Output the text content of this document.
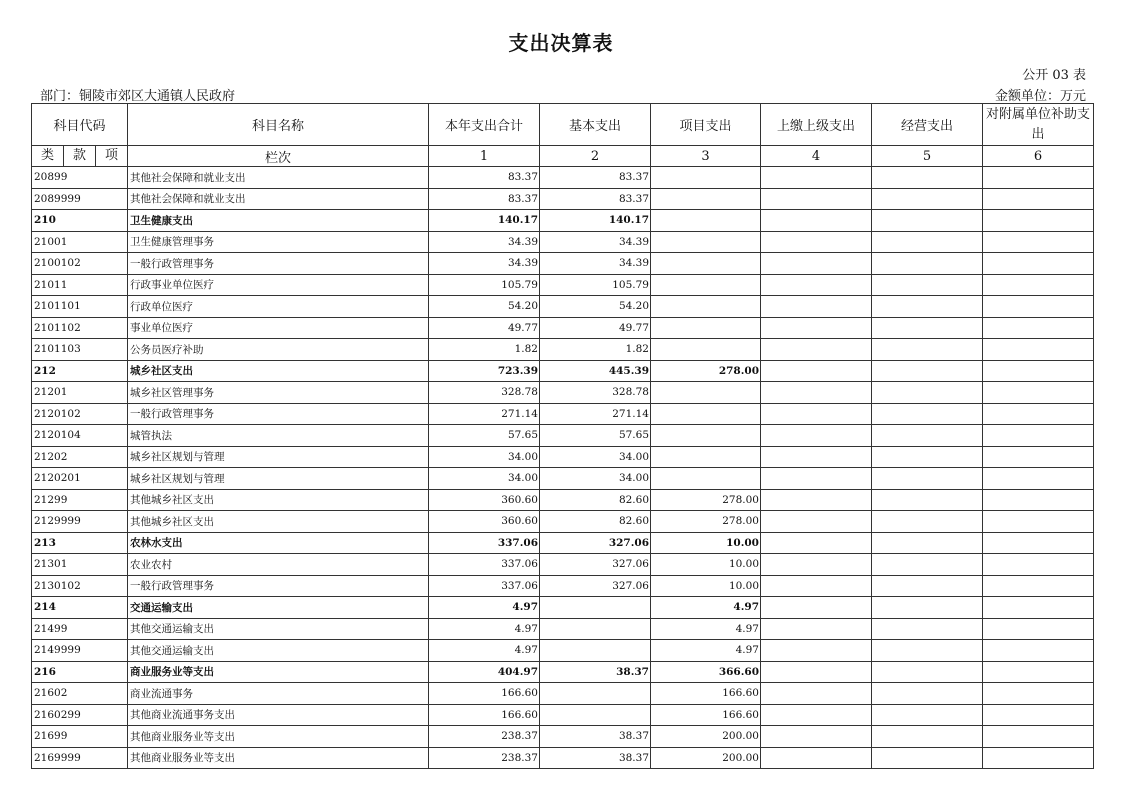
支出决算表
公开 03 表
部门：铜陵市郊区大通镇人民政府	金额单位：万元
科目代码	科目名称	本年支出合计	基本支出	项目支出	上缴上级支出	经营支出	对附属单位补助支出

类 款 项	栏次	1	2	3	4	5	6
20899	其他社会保障和就业支出	83.37	83.37				
2089999	其他社会保障和就业支出	83.37	83.37				
210	卫生健康支出	140.17	140.17				
21001	卫生健康管理事务	34.39	34.39				
2100102	一般行政管理事务	34.39	34.39				
21011	行政事业单位医疗	105.79	105.79				
2101101	行政单位医疗	54.20	54.20				
2101102	事业单位医疗	49.77	49.77				
2101103	公务员医疗补助	1.82	1.82				
212	城乡社区支出	723.39	445.39	278.00			
21201	城乡社区管理事务	328.78	328.78				
2120102	一般行政管理事务	271.14	271.14				
2120104	城管执法	57.65	57.65				
21202	城乡社区规划与管理	34.00	34.00				
2120201	城乡社区规划与管理	34.00	34.00				
21299	其他城乡社区支出	360.60	82.60	278.00			
2129999	其他城乡社区支出	360.60	82.60	278.00			
213	农林水支出	337.06	327.06	10.00			
21301	农业农村	337.06	327.06	10.00			
2130102	一般行政管理事务	337.06	327.06	10.00			
214	交通运输支出	4.97		4.97			
21499	其他交通运输支出	4.97		4.97			
2149999	其他交通运输支出	4.97		4.97			
216	商业服务业等支出	404.97	38.37	366.60			
21602	商业流通事务	166.60		166.60			
2160299	其他商业流通事务支出	166.60		166.60			
21699	其他商业服务业等支出	238.37	38.37	200.00			
2169999	其他商业服务业等支出	238.37	38.37	200.00			
